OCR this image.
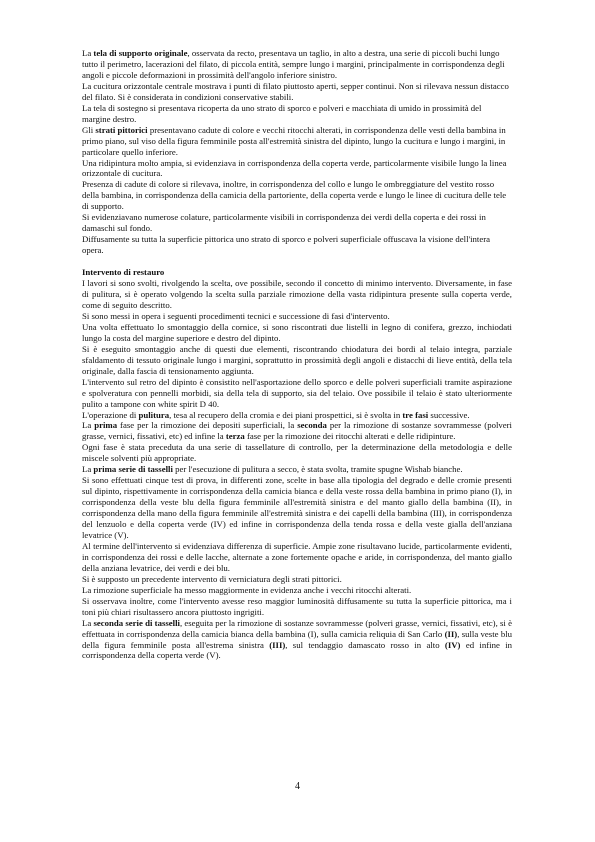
La tela di supporto originale, osservata da recto, presentava un taglio, in alto a destra, una serie di piccoli buchi lungo tutto il perimetro, lacerazioni del filato, di piccola entità, sempre lungo i margini, principalmente in corrispondenza degli angoli e piccole deformazioni in prossimità dell'angolo inferiore sinistro.

La cucitura orizzontale centrale mostrava i punti di filato piuttosto aperti, sepper continui. Non si rilevava nessun distacco del filato. Si è considerata in condizioni conservative stabili.

La tela di sostegno si presentava ricoperta da uno strato di sporco e polveri e macchiata di umido in prossimità del margine destro.

Gli strati pittorici presentavano cadute di colore e vecchi ritocchi alterati, in corrispondenza delle vesti della bambina in primo piano, sul viso della figura femminile posta all'estremità sinistra del dipinto, lungo la cucitura e lungo i margini, in particolare quello inferiore.

Una ridipintura molto ampia, si evidenziava in corrispondenza della coperta verde, particolarmente visibile lungo la linea orizzontale di cucitura.

Presenza di cadute di colore si rilevava, inoltre, in corrispondenza del collo e lungo le ombreggiature del vestito rosso della bambina, in corrispondenza della camicia della partoriente, della coperta verde e lungo le linee di cucitura delle tele di supporto.

Si evidenziavano numerose colature, particolarmente visibili in corrispondenza dei verdi della coperta e dei rossi in damaschi sul fondo.

Diffusamente su tutta la superficie pittorica uno strato di sporco e polveri superficiale offuscava la visione dell'intera opera.

Intervento di restauro

I lavori si sono svolti, rivolgendo la scelta, ove possibile, secondo il concetto di minimo intervento. Diversamente, in fase di pulitura, si è operato volgendo la scelta sulla parziale rimozione della vasta ridipintura presente sulla coperta verde, come di seguito descritto.

Si sono messi in opera i seguenti procedimenti tecnici e successione di fasi d'intervento.

Una volta effettuato lo smontaggio della cornice, si sono riscontrati due listelli in legno di conifera, grezzo, inchiodati lungo la costa del margine superiore e destro del dipinto.

Si è eseguito smontaggio anche di questi due elementi, riscontrando chiodatura dei bordi al telaio integra, parziale sfaldamento di tessuto originale lungo i margini, soprattutto in prossimità degli angoli e distacchi di lieve entità, della tela originale, dalla fascia di tensionamento aggiunta.

L'intervento sul retro del dipinto è consistito nell'asportazione dello sporco e delle polveri superficiali tramite aspirazione e spolveratura con pennelli morbidi, sia della tela di supporto, sia del telaio. Ove possibile il telaio è stato ulteriormente pulito a tampone con white spirit D 40.

L'operazione di pulitura, tesa al recupero della cromia e dei piani prospettici, si è svolta in tre fasi successive.

La prima fase per la rimozione dei depositi superficiali, la seconda per la rimozione di sostanze sovrammesse (polveri grasse, vernici, fissativi, etc) ed infine la terza fase per la rimozione dei ritocchi alterati e delle ridipinture.

Ogni fase è stata preceduta da una serie di tassellature di controllo, per la determinazione della metodologia e delle miscele solventi più appropriate.

La prima serie di tasselli per l'esecuzione di pulitura a secco, è stata svolta, tramite spugne Wishab bianche.

Si sono effettuati cinque test di prova, in differenti zone, scelte in base alla tipologia del degrado e delle cromie presenti sul dipinto, rispettivamente in corrispondenza della camicia bianca e della veste rossa della bambina in primo piano (I), in corrispondenza della veste blu della figura femminile all'estremità sinistra e del manto giallo della bambina (II), in corrispondenza della mano della figura femminile all'estremità sinistra e dei capelli della bambina (III), in corrispondenza del lenzuolo e della coperta verde (IV) ed infine in corrispondenza della tenda rossa e della veste gialla dell'anziana levatrice (V).

Al termine dell'intervento si evidenziava differenza di superficie. Ampie zone risultavano lucide, particolarmente evidenti, in corrispondenza dei rossi e delle lacche, alternate a zone fortemente opache e aride, in corrispondenza, del manto giallo della anziana levatrice, dei verdi e dei blu.

Si è supposto un precedente intervento di verniciatura degli strati pittorici.

La rimozione superficiale ha messo maggiormente in evidenza anche i vecchi ritocchi alterati.

Si osservava inoltre, come l'intervento avesse reso maggior luminosità diffusamente su tutta la superficie pittorica, ma i toni più chiari risultassero ancora piuttosto ingrigiti.

La seconda serie di tasselli, eseguita per la rimozione di sostanze sovrammesse (polveri grasse, vernici, fissativi, etc), si è effettuata in corrispondenza della camicia bianca della bambina (I), sulla camicia reliquia di San Carlo (II), sulla veste blu della figura femminile posta all'estrema sinistra (III), sul tendaggio damascato rosso in alto (IV) ed infine in corrispondenza della coperta verde (V).

4
